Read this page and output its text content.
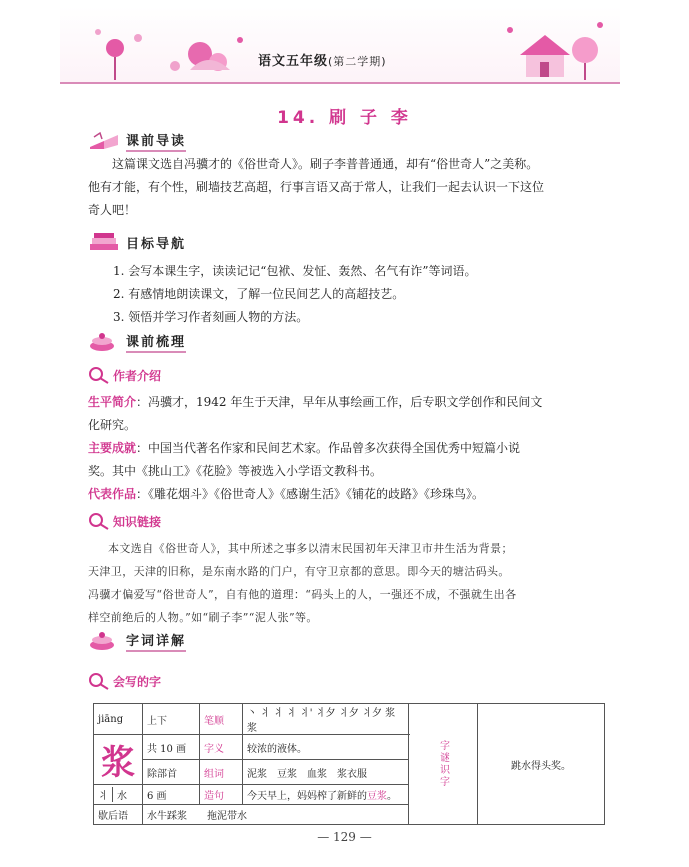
语文五年级(第二学期)
14. 刷 子 李
课前导读
这篇课文选自冯骥才的《俗世奇人》。刷子李普普通通，却有“俗世奇人”之美称。
他有才能，有个性，刷墙技艺高超，行事言语又高于常人，让我们一起去认识一下这位
奇人吧！
目标导航
1. 会写本课生字，读读记记“包袱、发怔、轰然、名气有诈”等词语。
2. 有感情地朗读课文，了解一位民间艺人的高超技艺。
3. 领悟并学习作者刻画人物的方法。
课前梳理
作者介绍
生平简介：冯骥才，1942 年生于天津，早年从事绘画工作，后专职文学创作和民间文
化研究。
主要成就：中国当代著名作家和民间艺术家。作品曾多次获得全国优秀中短篇小说
奖。其中《挑山工》《花脸》等被选入小学语文教科书。
代表作品：《雕花烟斗》《俗世奇人》《感谢生活》《铺花的歧路》《珍珠鸟》。
知识链接
本文选自《俗世奇人》，其中所述之事多以清末民国初年天津卫市井生活为背景；
天津卫，天津的旧称，是东南水路的门户，有守卫京都的意思。即今天的塘沽码头。
冯骥才偏爱写“俗世奇人”，自有他的道理：“码头上的人，一强还不成，不强就生出各
样空前绝后的人物。”如“刷子李”“泥人张”等。
字词详解
会写的字
jiāng	上下	笔顺	丶 丬 丬 丬 丬' 丬夕 丬夕 丬夕 浆 浆	字谜识字	跳水得头奖。
浆	共 10 画	字义	较浓的液体。		
	除部首	组词	泥浆　豆浆　血浆　浆衣服		
丬 水	6 画	造句	今天早上，妈妈榨了新鲜的豆浆。		
歇后语	水牛踩浆　　拖泥带水				
— 129 —
